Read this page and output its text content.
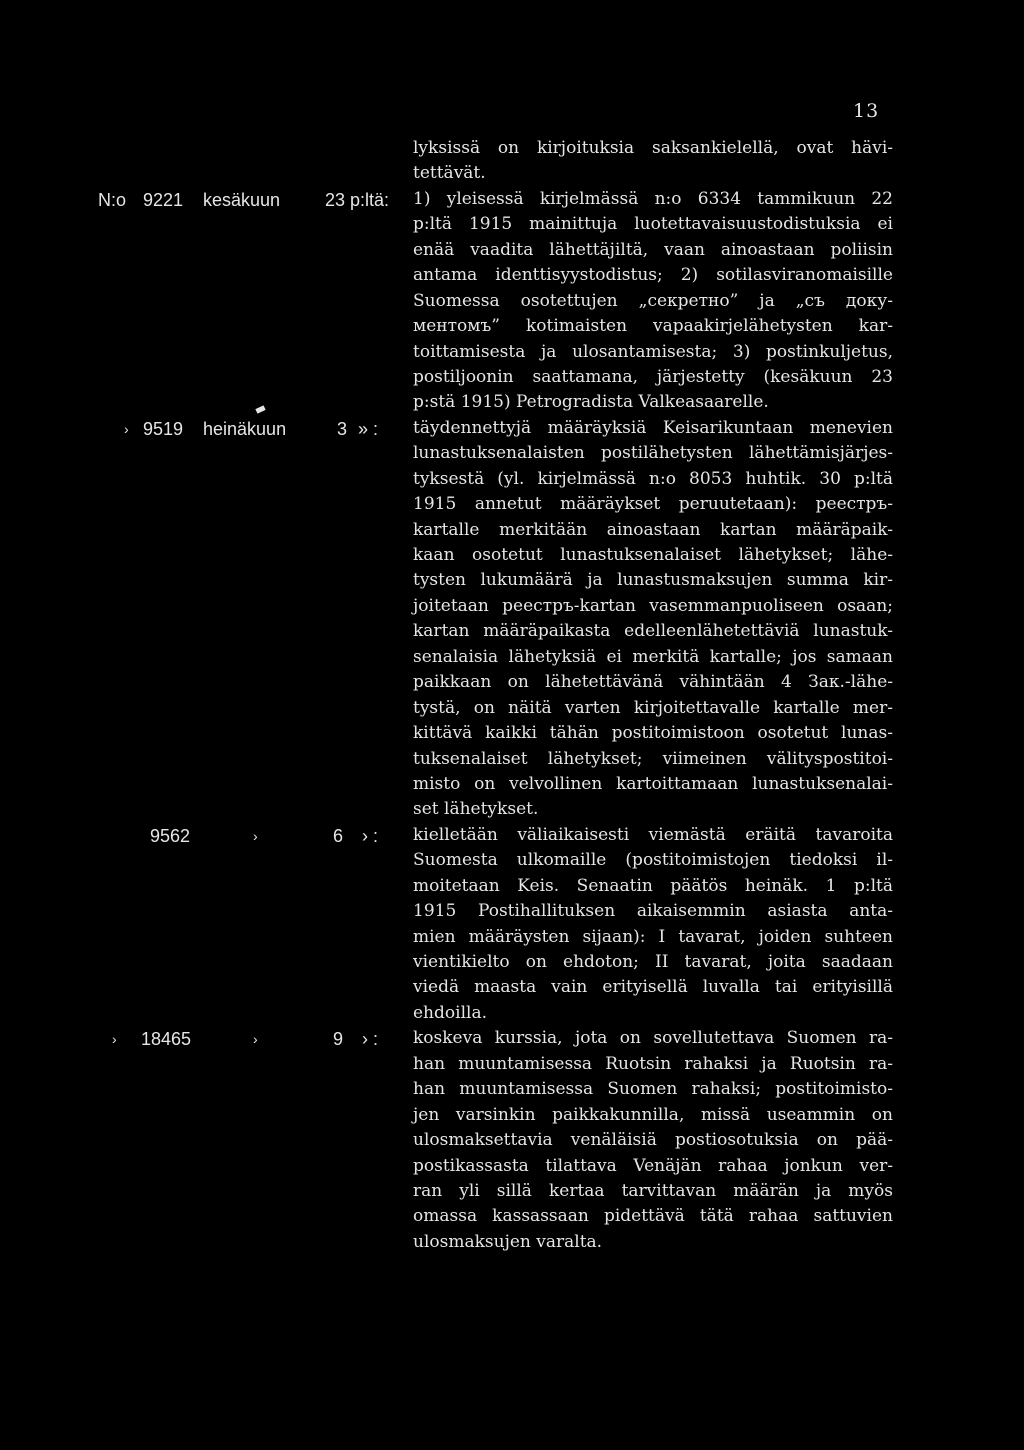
13
lyksissä on kirjoituksia saksankielellä, ovat hävi-
tettävät.
N:o 9221 kesäkuun 23 p:ltä: 1) yleisessä kirjelmässä n:o 6334 tammikuun 22
p:ltä 1915 mainittuja luotettavaisuustodistuksia ei
enää vaadita lähettäjiltä, vaan ainoastaan poliisin
antama identtisyystodistus; 2) sotilasviranomaisille
Suomessa osotettujen „секретно” ja „съ доку-
ментомъ” kotimaisten vapaakirjelähetysten kar-
toittamisesta ja ulosantamisesta; 3) postinkuljetus,
postiljoonin saattamana, järjestetty (kesäkuun 23
p:stä 1915) Petrogradista Valkeasaarelle.
› 9519 heinäkuun	3 » : täydennettyjä määräyksiä Keisarikuntaan menevien
lunastuksenalaisten postilähetysten lähettämisjärjes-
tyksestä (yl. kirjelmässä n:o 8053 huhtik. 30 p:ltä
1915 annetut määräykset peruutetaan): реестръ-
kartalle merkitään ainoastaan kartan määräpaik-
kaan osotetut lunastuksenalaiset lähetykset; lähe-
tysten lukumäärä ja lunastusmaksujen summa kir-
joitetaan реестръ-kartan vasemmanpuoliseen osaan;
kartan määräpaikasta edelleenlähetettäviä lunastuk-
senalaisia lähetyksiä ei merkitä kartalle; jos samaan
paikkaan on lähetettävänä vähintään 4 Зак.-lähe-
tystä, on näitä varten kirjoitettavalle kartalle mer-
kittävä kaikki tähän postitoimistoon osotetut lunas-
tuksenalaiset lähetykset; viimeinen välityspostitoi-
misto on velvollinen kartoittamaan lunastuksenalai-
set lähetykset.
9562	›	6 › : kielletään väliaikaisesti viemästä eräitä tavaroita
Suomesta ulkomaille (postitoimistojen tiedoksi il-
moitetaan Keis. Senaatin päätös heinäk. 1 p:ltä
1915 Postihallituksen aikaisemmin asiasta anta-
mien määräysten sijaan): I tavarat, joiden suhteen
vientikielto on ehdoton; II tavarat, joita saadaan
viedä maasta vain erityisellä luvalla tai erityisillä
ehdoilla.
› 18465	›	9 › : koskeva kurssia, jota on sovellutettava Suomen ra-
han muuntamisessa Ruotsin rahaksi ja Ruotsin ra-
han muuntamisessa Suomen rahaksi; postitoimisto-
jen varsinkin paikkakunnilla, missä useammin on
ulosmaksettavia venäläisiä postiosotuksia on pää-
postikassasta tilattava Venäjän rahaa jonkun ver-
ran yli sillä kertaa tarvittavan määrän ja myös
omassa kassassaan pidettävä tätä rahaa sattuvien
ulosmaksujen varalta.
